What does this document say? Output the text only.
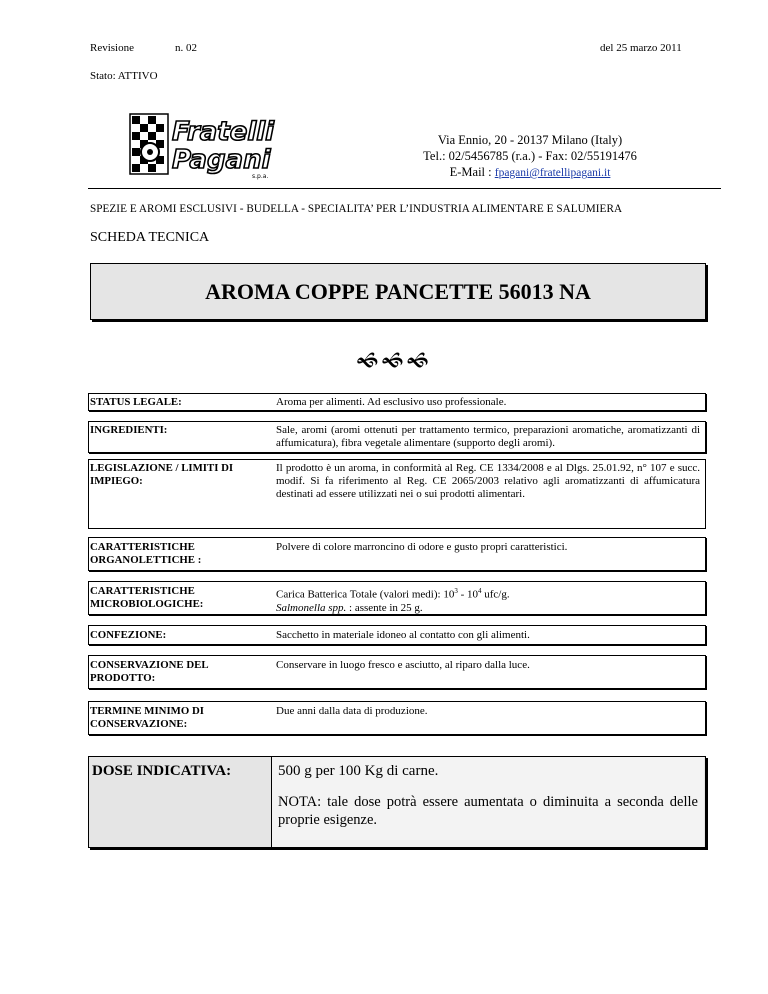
Revisione	n. 02	del 25 marzo 2011
Stato: ATTIVO
Fratelli
Pagani
s.p.a.
Via Ennio, 20 - 20137 Milano (Italy)
Tel.: 02/5456785 (r.a.) - Fax: 02/55191476
E-Mail : fpagani@fratellipagani.it
SPEZIE E AROMI ESCLUSIVI - BUDELLA - SPECIALITA’ PER L’INDUSTRIA ALIMENTARE E SALUMIERA
SCHEDA TECNICA
AROMA COPPE PANCETTE 56013 NA
🙜🙜🙜
STATUS LEGALE:	Aroma per alimenti. Ad esclusivo uso professionale.
INGREDIENTI:	Sale, aromi (aromi ottenuti per trattamento termico, preparazioni aromatiche, aromatizzanti di affumicatura), fibra vegetale alimentare (supporto degli aromi).
LEGISLAZIONE / LIMITI DI IMPIEGO:
Il prodotto è un aroma, in conformità al Reg. CE 1334/2008 e al Dlgs. 25.01.92, n° 107 e succ. modif. Si fa riferimento al Reg. CE 2065/2003 relativo agli aromatizzanti di affumicatura destinati ad essere utilizzati nei o sui prodotti alimentari.
CARATTERISTICHE ORGANOLETTICHE :
Polvere di colore marroncino di odore e gusto propri caratteristici.
CARATTERISTICHE MICROBIOLOGICHE:
Carica Batterica Totale (valori medi): $10^3 - 10^4$ ufc/g.
Salmonella spp. : assente in 25 g.
CONFEZIONE:	Sacchetto in materiale idoneo al contatto con gli alimenti.
CONSERVAZIONE DEL PRODOTTO:
Conservare in luogo fresco e asciutto, al riparo dalla luce.
TERMINE MINIMO DI CONSERVAZIONE:
Due anni dalla data di produzione.
DOSE INDICATIVA:	500 g per 100 Kg di carne.
NOTA: tale dose potrà essere aumentata o diminuita a seconda delle proprie esigenze.
